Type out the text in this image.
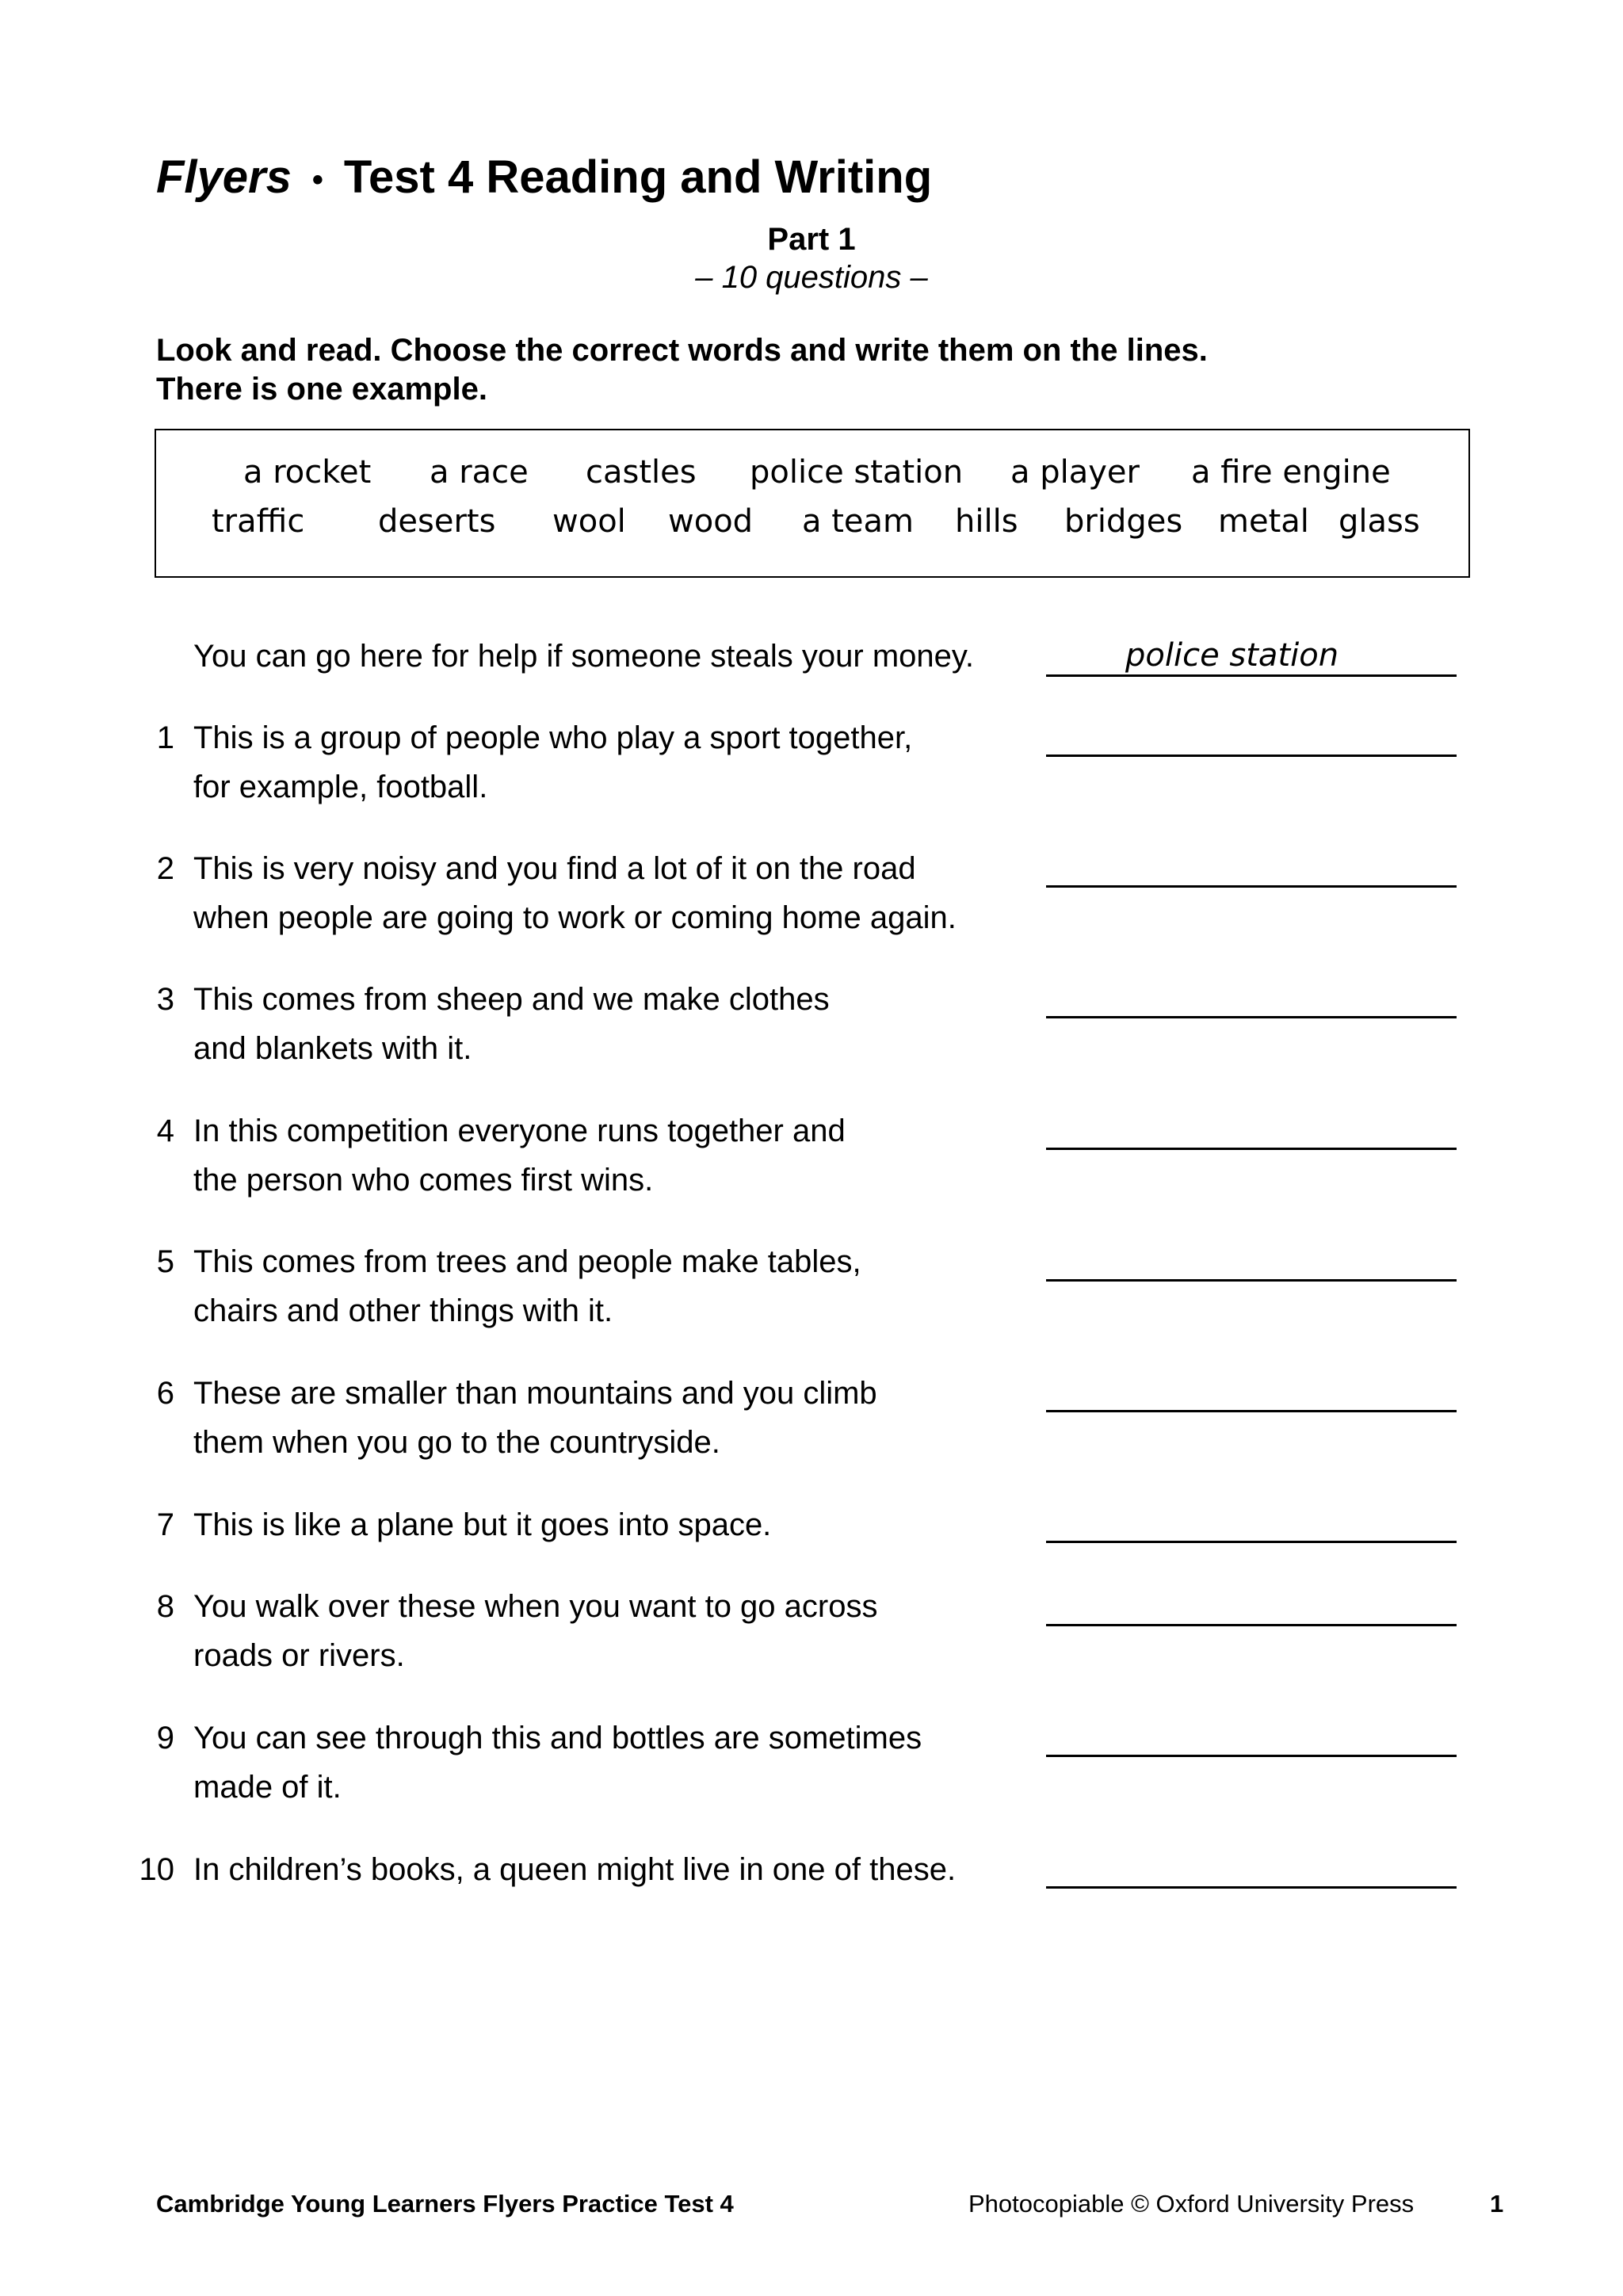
Flyers • Test 4 Reading and Writing
Part 1
– 10 questions –
Look and read. Choose the correct words and write them on the lines.
There is one example.
a rocket a race castles police station a player a fire engine
traffic deserts wool wood a team hills bridges metal glass
You can go here for help if someone steals your money.	police station
1 This is a group of people who play a sport together,
for example, football.
2 This is very noisy and you find a lot of it on the road
when people are going to work or coming home again.
3 This comes from sheep and we make clothes
and blankets with it.
4 In this competition everyone runs together and
the person who comes first wins.
5 This comes from trees and people make tables,
chairs and other things with it.
6 These are smaller than mountains and you climb
them when you go to the countryside.
7 This is like a plane but it goes into space.
8 You walk over these when you want to go across
roads or rivers.
9 You can see through this and bottles are sometimes
made of it.
10 In children’s books, a queen might live in one of these.
Cambridge Young Learners Flyers Practice Test 4	Photocopiable © Oxford University Press	1
